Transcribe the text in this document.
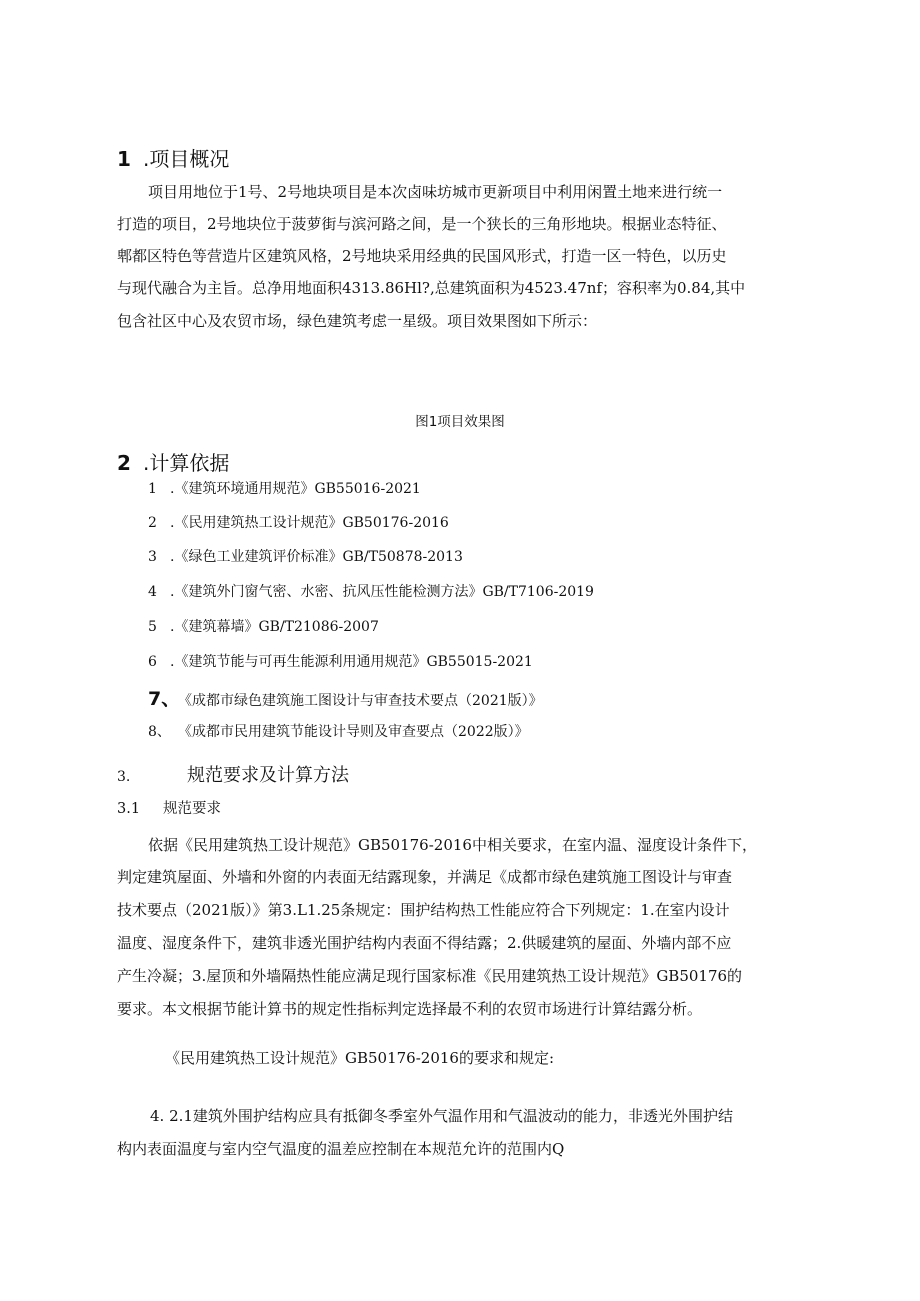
1 .项目概况
项目用地位于1号、2号地块项目是本次卤味坊城市更新项目中利用闲置土地来进行统一
打造的项目，2号地块位于菠萝街与滨河路之间，是一个狭长的三角形地块。根据业态特征、
郫都区特色等营造片区建筑风格，2号地块采用经典的民国风形式，打造一区一特色，以历史
与现代融合为主旨。总净用地面积4313.86Hl?,总建筑面积为4523.47nf；容积率为0.84,其中
包含社区中心及农贸市场，绿色建筑考虑一星级。项目效果图如下所示：
图1项目效果图
2 .计算依据
1 .《建筑环境通用规范》GB55016-2021
2 .《民用建筑热工设计规范》GB50176-2016
3 .《绿色工业建筑评价标准》GB/T50878-2013
4 .《建筑外门窗气密、水密、抗风压性能检测方法》GB/T7106-2019
5 .《建筑幕墙》GB/T21086-2007
6 .《建筑节能与可再生能源利用通用规范》GB55015-2021
7、《成都市绿色建筑施工图设计与审查技术要点（2021版）》
8、 《成都市民用建筑节能设计导则及审查要点（2022版）》
3.	规范要求及计算方法
3.1 规范要求
依据《民用建筑热工设计规范》GB50176-2016中相关要求，在室内温、湿度设计条件下，
判定建筑屋面、外墙和外窗的内表面无结露现象，并满足《成都市绿色建筑施工图设计与审查
技术要点（2021版）》第3.L1.25条规定：围护结构热工性能应符合下列规定：1.在室内设计
温度、湿度条件下，建筑非透光围护结构内表面不得结露；2.供暖建筑的屋面、外墙内部不应
产生冷凝；3.屋顶和外墙隔热性能应满足现行国家标准《民用建筑热工设计规范》GB50176的
要求。本文根据节能计算书的规定性指标判定选择最不利的农贸市场进行计算结露分析。
《民用建筑热工设计规范》GB50176-2016的要求和规定:
4. 2.1建筑外围护结构应具有抵御冬季室外气温作用和气温波动的能力，非透光外围护结
构内表面温度与室内空气温度的温差应控制在本规范允许的范围内Q
